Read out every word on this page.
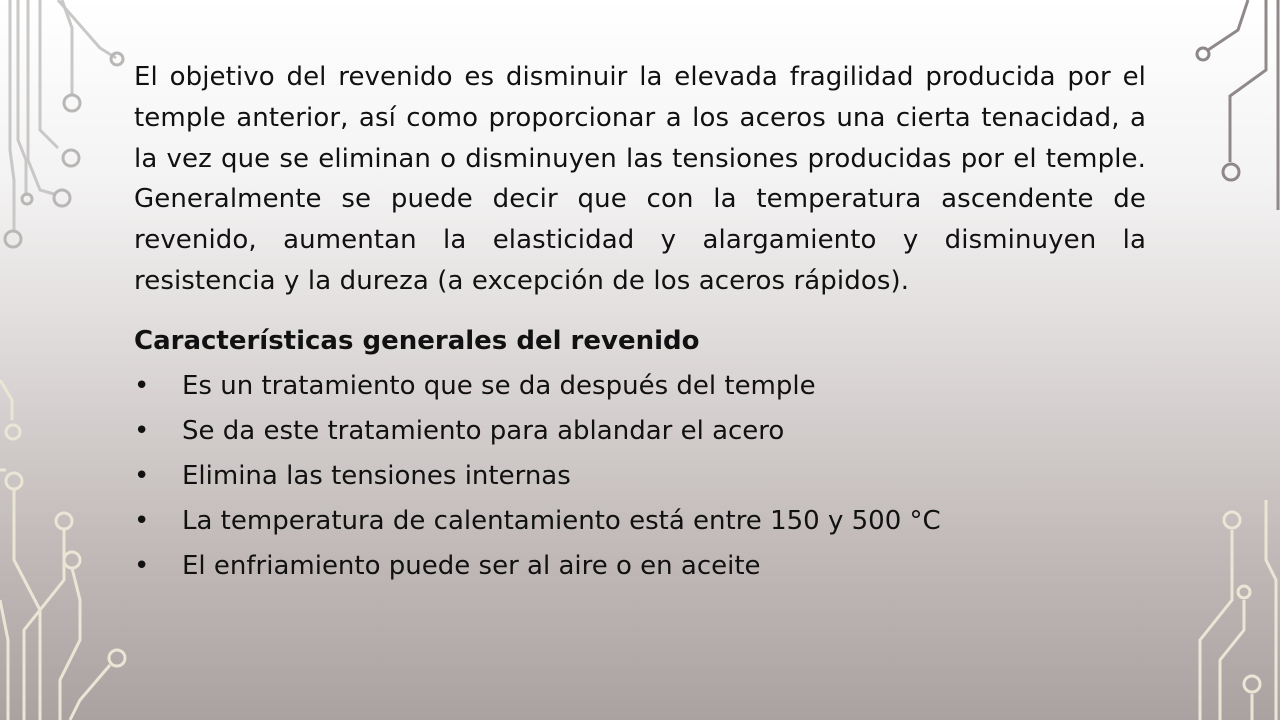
El objetivo del revenido es disminuir la elevada fragilidad producida por el temple anterior, así como proporcionar a los aceros una cierta tenacidad, a la vez que se eliminan o disminuyen las tensiones producidas por el temple. Generalmente se puede decir que con la temperatura ascendente de revenido, aumentan la elasticidad y alargamiento y disminuyen la resistencia y la dureza (a excepción de los aceros rápidos).

Características generales del revenido
• Es un tratamiento que se da después del temple
• Se da este tratamiento para ablandar el acero
• Elimina las tensiones internas
• La temperatura de calentamiento está entre 150 y 500 °C
• El enfriamiento puede ser al aire o en aceite
